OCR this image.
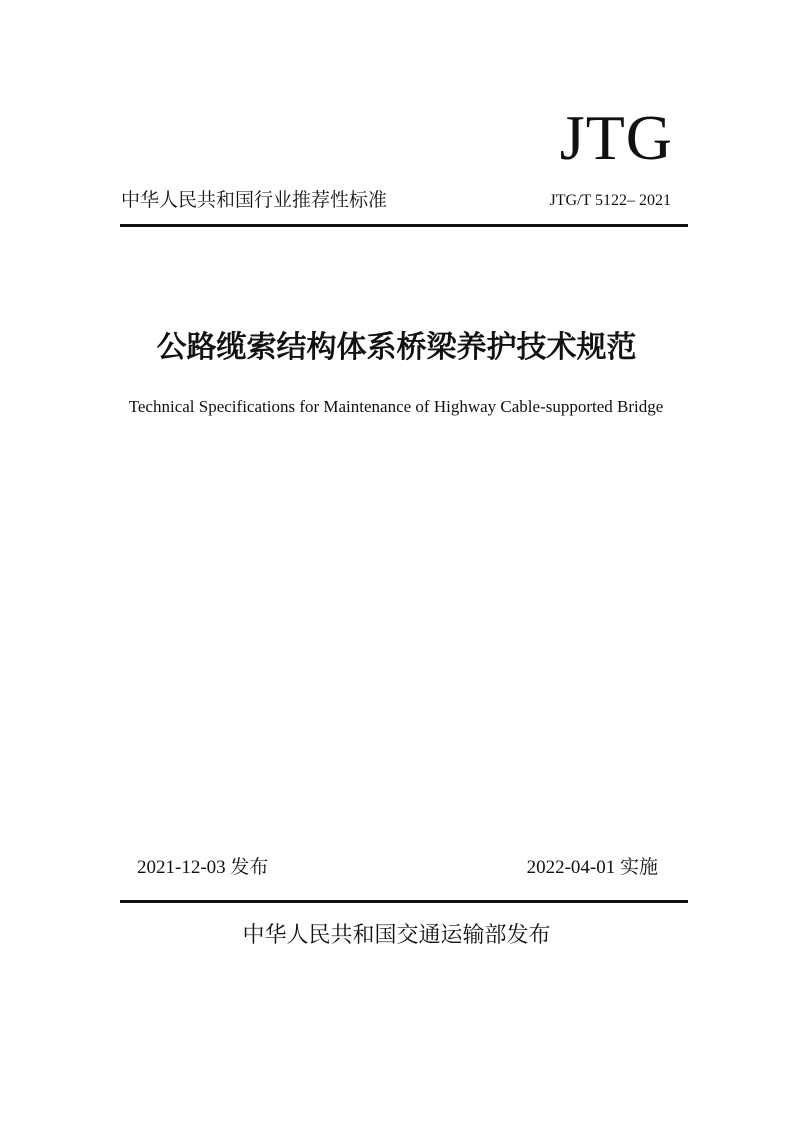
JTG
中华人民共和国行业推荐性标准	JTG/T 5122– 2021
公路缆索结构体系桥梁养护技术规范

Technical Specifications for Maintenance of Highway Cable-supported Bridge

2021-12-03 发布	2022-04-01 实施
中华人民共和国交通运输部发布
